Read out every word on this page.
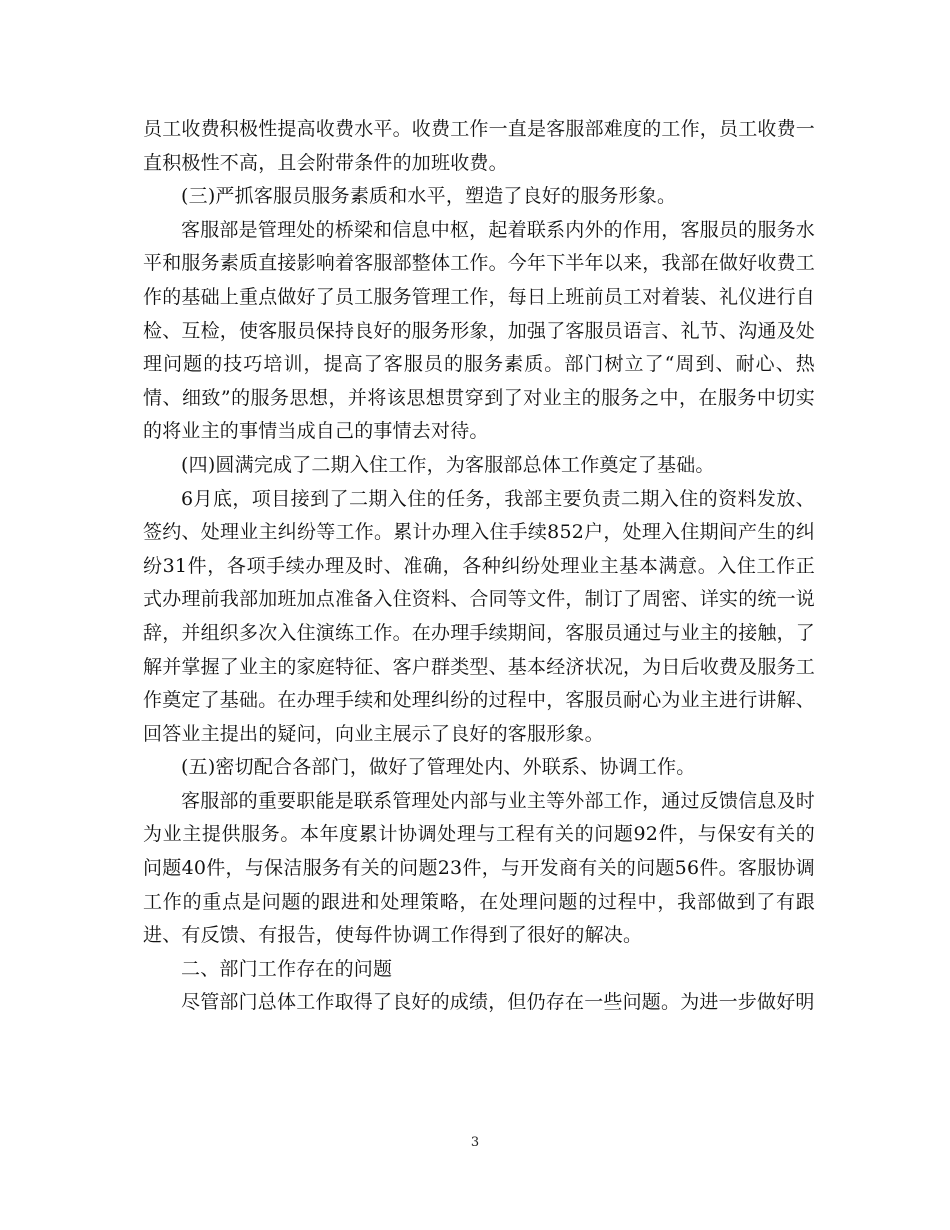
员工收费积极性提高收费水平。收费工作一直是客服部难度的工作，员工收费一直积极性不高，且会附带条件的加班收费。

(三)严抓客服员服务素质和水平，塑造了良好的服务形象。

客服部是管理处的桥梁和信息中枢，起着联系内外的作用，客服员的服务水平和服务素质直接影响着客服部整体工作。今年下半年以来，我部在做好收费工作的基础上重点做好了员工服务管理工作，每日上班前员工对着装、礼仪进行自检、互检，使客服员保持良好的服务形象，加强了客服员语言、礼节、沟通及处理问题的技巧培训，提高了客服员的服务素质。部门树立了“周到、耐心、热情、细致”的服务思想，并将该思想贯穿到了对业主的服务之中，在服务中切实的将业主的事情当成自己的事情去对待。

(四)圆满完成了二期入住工作，为客服部总体工作奠定了基础。

6月底，项目接到了二期入住的任务，我部主要负责二期入住的资料发放、签约、处理业主纠纷等工作。累计办理入住手续852户，处理入住期间产生的纠纷31件，各项手续办理及时、准确，各种纠纷处理业主基本满意。入住工作正式办理前我部加班加点准备入住资料、合同等文件，制订了周密、详实的统一说辞，并组织多次入住演练工作。在办理手续期间，客服员通过与业主的接触，了解并掌握了业主的家庭特征、客户群类型、基本经济状况，为日后收费及服务工作奠定了基础。在办理手续和处理纠纷的过程中，客服员耐心为业主进行讲解、回答业主提出的疑问，向业主展示了良好的客服形象。

(五)密切配合各部门，做好了管理处内、外联系、协调工作。

客服部的重要职能是联系管理处内部与业主等外部工作，通过反馈信息及时为业主提供服务。本年度累计协调处理与工程有关的问题92件，与保安有关的问题40件，与保洁服务有关的问题23件，与开发商有关的问题56件。客服协调工作的重点是问题的跟进和处理策略，在处理问题的过程中，我部做到了有跟进、有反馈、有报告，使每件协调工作得到了很好的解决。

二、部门工作存在的问题

尽管部门总体工作取得了良好的成绩，但仍存在一些问题。为进一步做好明

3
